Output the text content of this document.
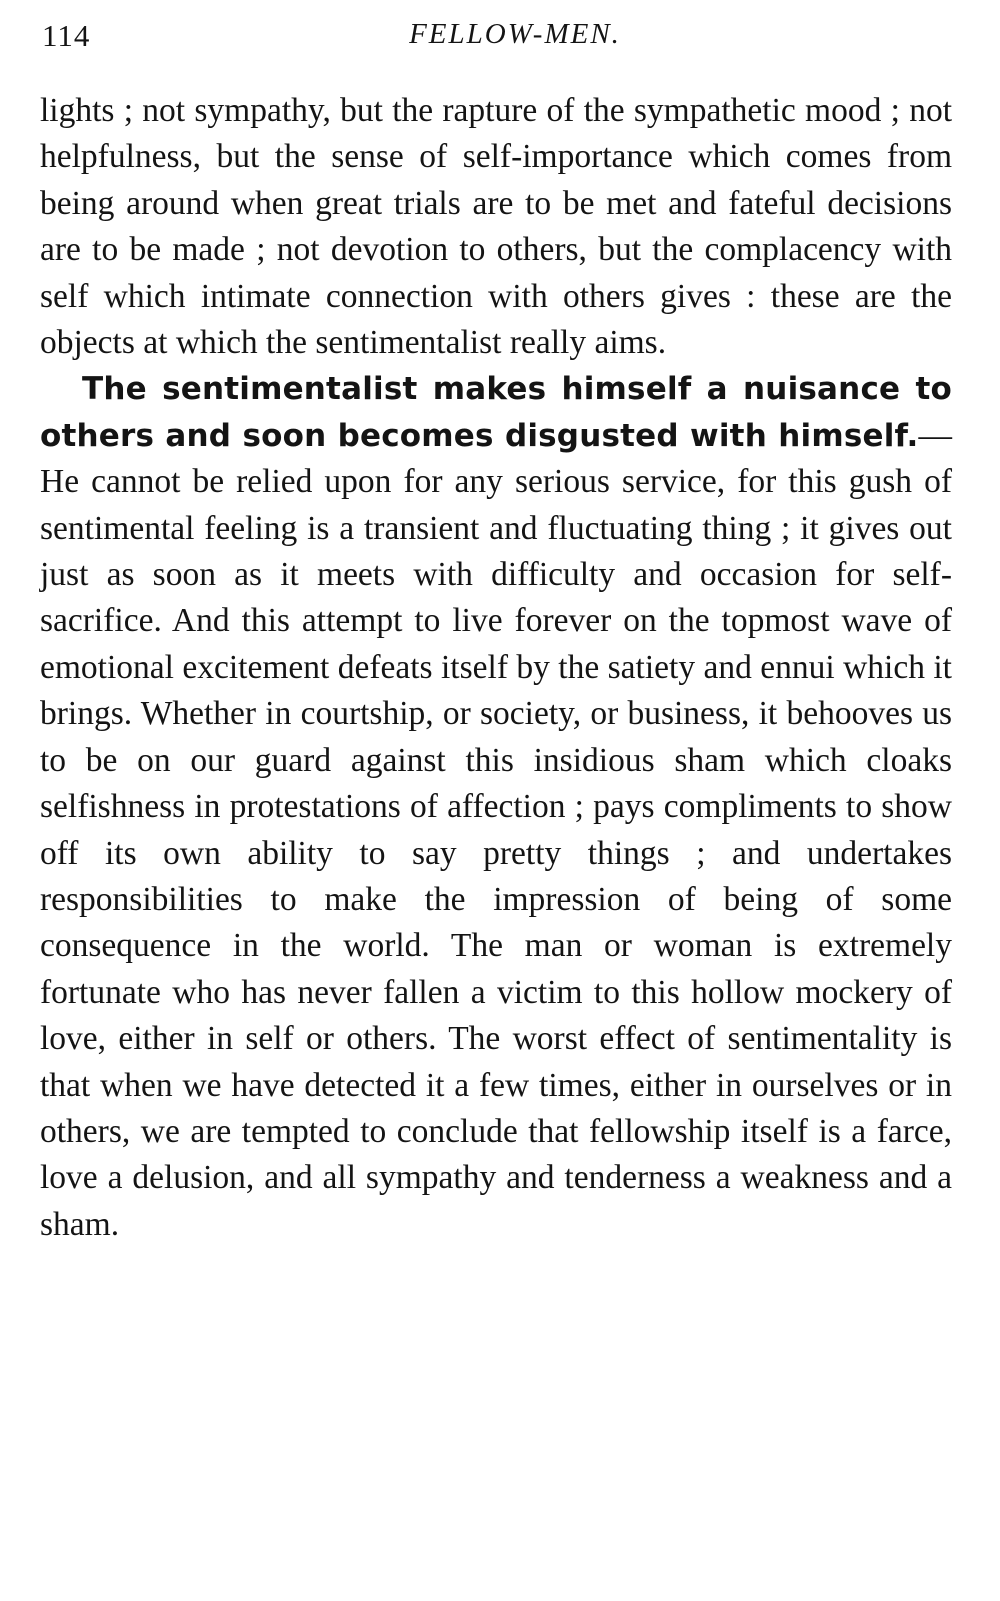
114	FELLOW-MEN.

lights ; not sympathy, but the rapture of the sympathetic mood ; not helpfulness, but the sense of self-importance which comes from being around when great trials are to be met and fateful decisions are to be made ; not devotion to others, but the complacency with self which intimate connection with others gives : these are the objects at which the sentimentalist really aims.

The sentimentalist makes himself a nuisance to others and soon becomes disgusted with himself.—He cannot be relied upon for any serious service, for this gush of sentimental feeling is a transient and fluctuating thing ; it gives out just as soon as it meets with difficulty and occasion for self-sacrifice. And this attempt to live forever on the topmost wave of emotional excitement defeats itself by the satiety and ennui which it brings. Whether in courtship, or society, or business, it behooves us to be on our guard against this insidious sham which cloaks selfishness in protestations of affection ; pays compliments to show off its own ability to say pretty things ; and undertakes responsibilities to make the impression of being of some consequence in the world. The man or woman is extremely fortunate who has never fallen a victim to this hollow mockery of love, either in self or others. The worst effect of sentimentality is that when we have detected it a few times, either in ourselves or in others, we are tempted to conclude that fellowship itself is a farce, love a delusion, and all sympathy and tenderness a weakness and a sham.
